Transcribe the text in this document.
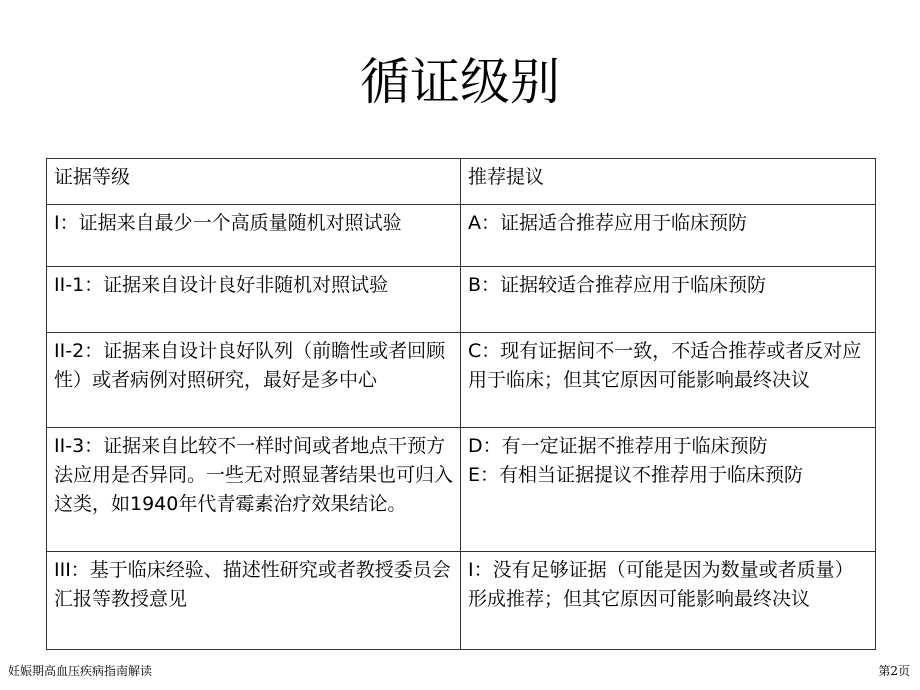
循证级别
证据等级	推荐提议
I：证据来自最少一个高质量随机对照试验	A：证据适合推荐应用于临床预防
II-1：证据来自设计良好非随机对照试验	B：证据较适合推荐应用于临床预防
II-2：证据来自设计良好队列（前瞻性或者回顾性）或者病例对照研究，最好是多中心	C：现有证据间不一致，不适合推荐或者反对应用于临床；但其它原因可能影响最终决议
II-3：证据来自比较不一样时间或者地点干预方法应用是否异同。一些无对照显著结果也可归入这类，如1940年代青霉素治疗效果结论。	D：有一定证据不推荐用于临床预防
E：有相当证据提议不推荐用于临床预防

III：基于临床经验、描述性研究或者教授委员会汇报等教授意见	I：没有足够证据（可能是因为数量或者质量）形成推荐；但其它原因可能影响最终决议
妊娠期高血压疾病指南解读	第2页
